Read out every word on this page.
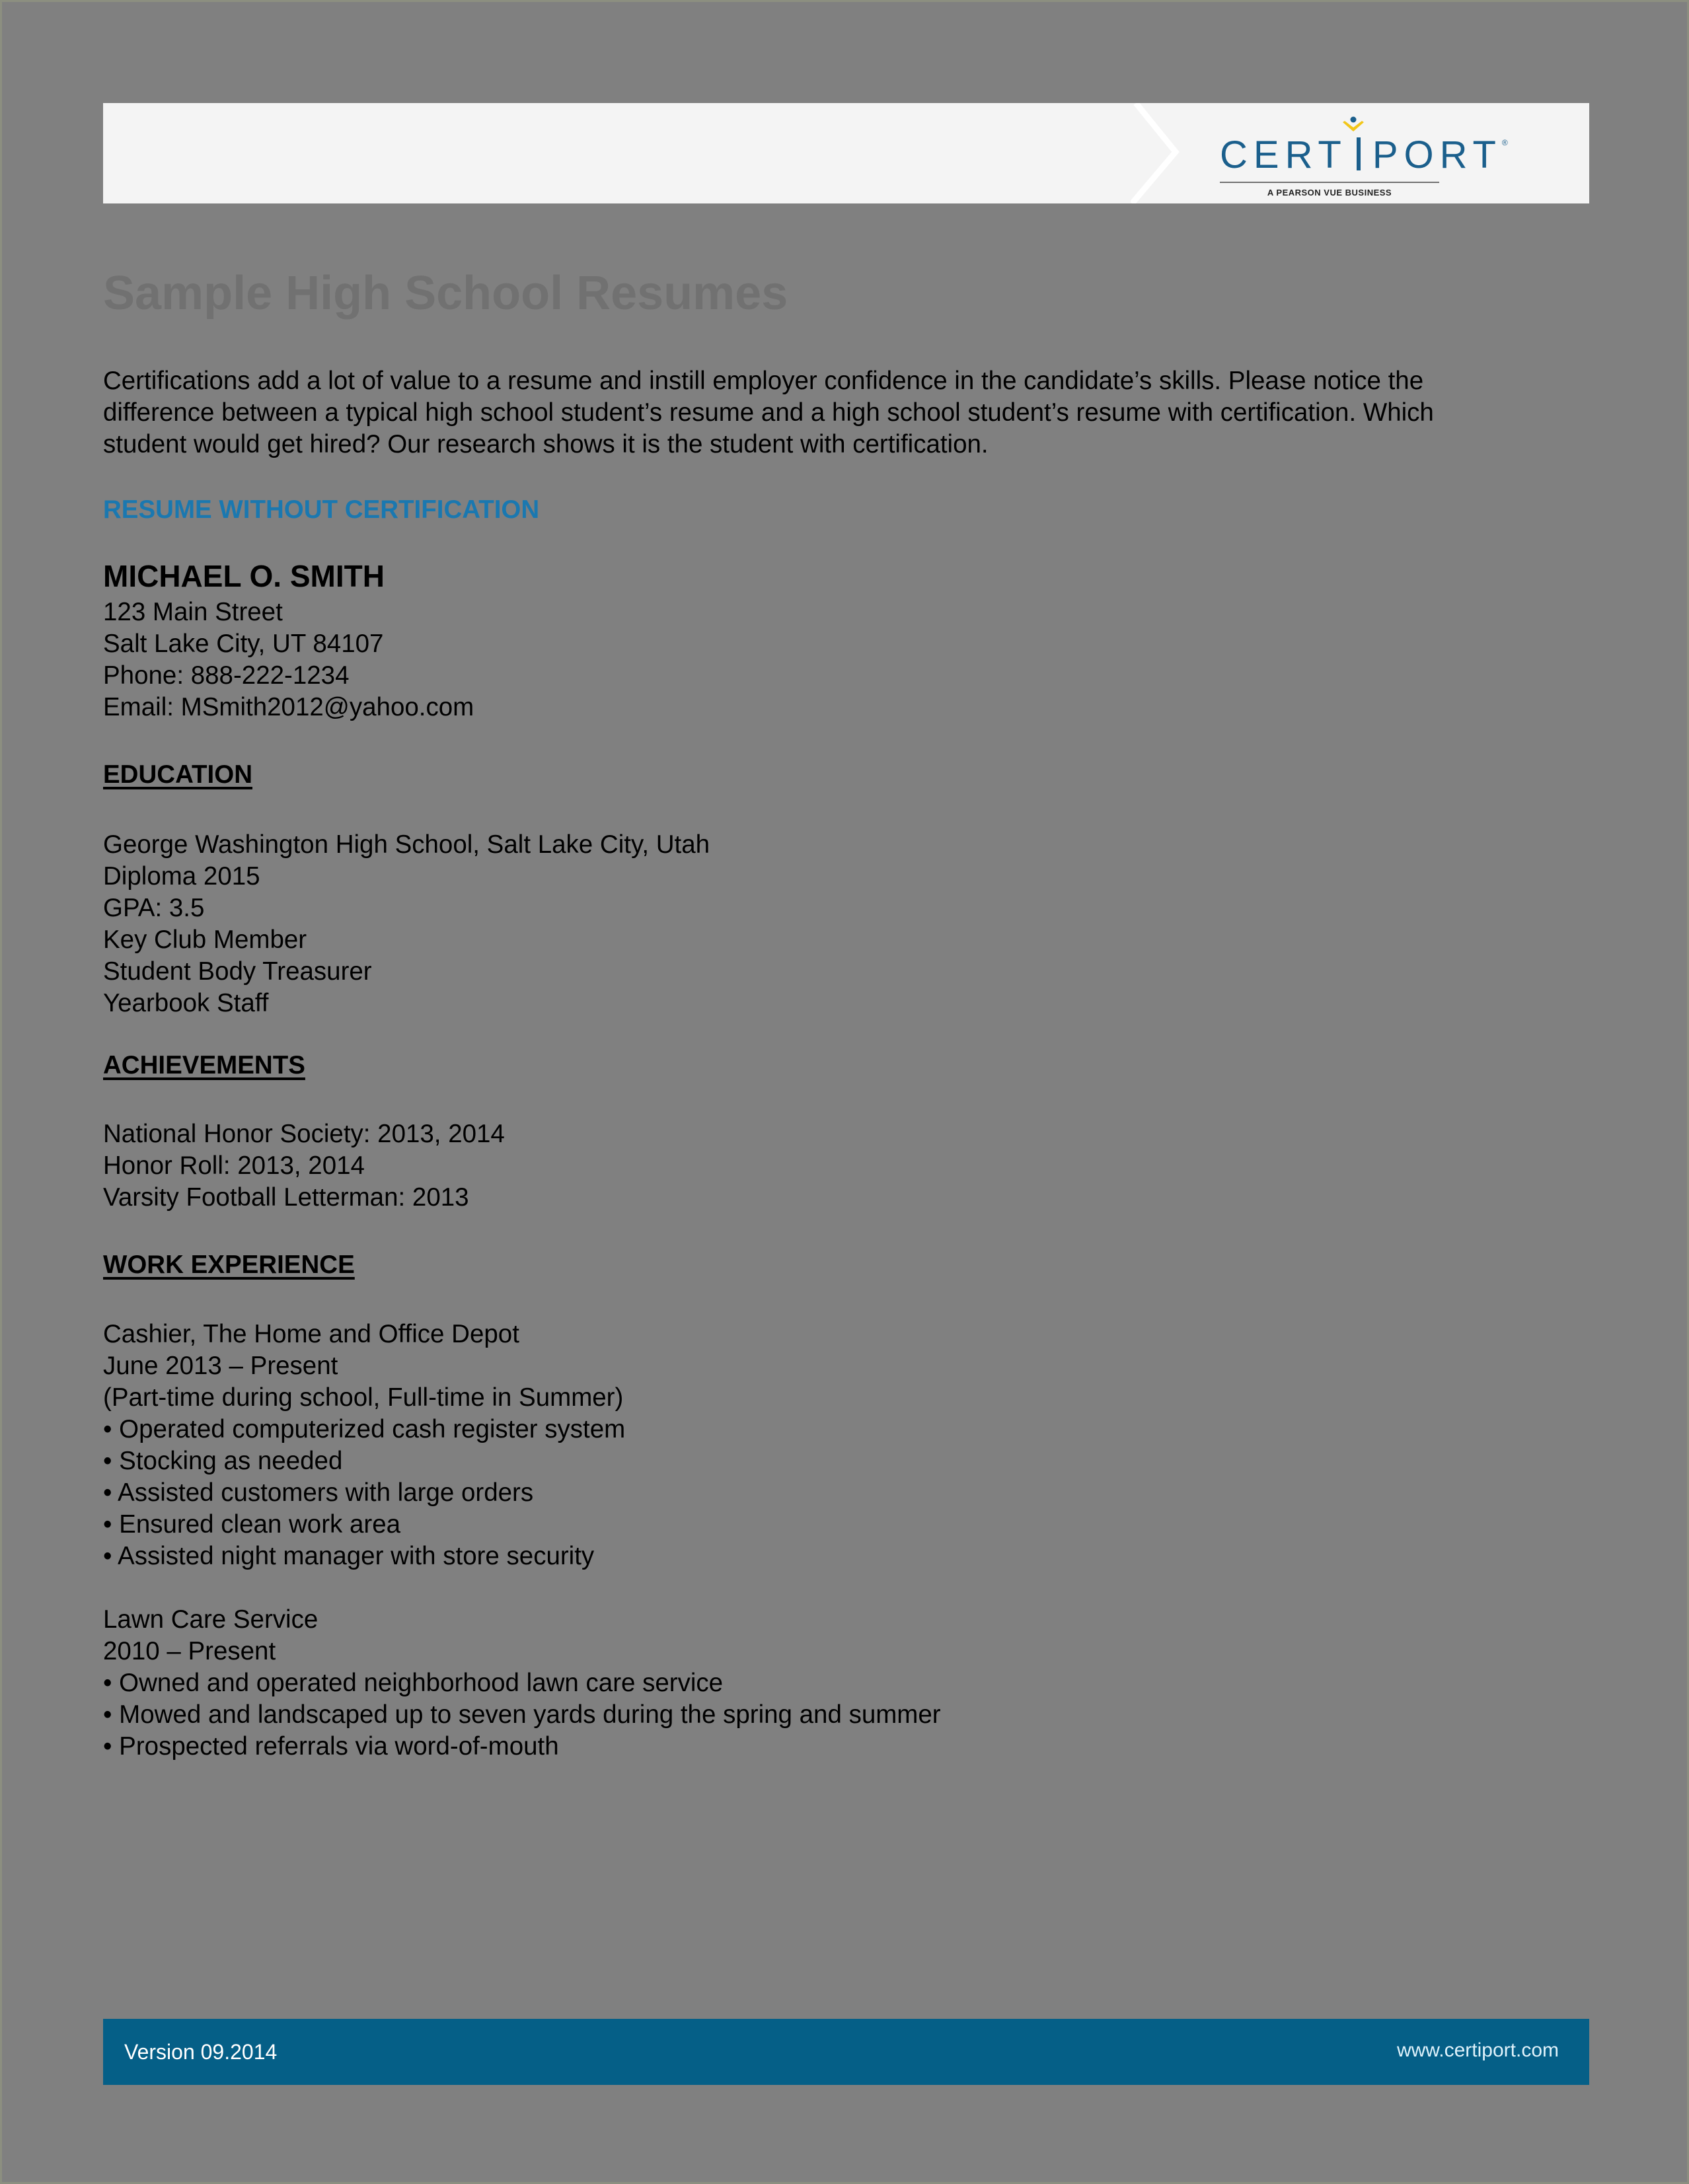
CERT PORT®
A PEARSON VUE BUSINESS
Sample High School Resumes
Certifications add a lot of value to a resume and instill employer confidence in the candidate’s skills. Please notice the
difference between a typical high school student’s resume and a high school student’s resume with certification. Which
student would get hired? Our research shows it is the student with certification.
RESUME WITHOUT CERTIFICATION
MICHAEL O. SMITH
123 Main Street
Salt Lake City, UT 84107
Phone: 888-222-1234
Email: MSmith2012@yahoo.com
EDUCATION
George Washington High School, Salt Lake City, Utah
Diploma 2015
GPA: 3.5
Key Club Member
Student Body Treasurer
Yearbook Staff
ACHIEVEMENTS
National Honor Society: 2013, 2014
Honor Roll: 2013, 2014
Varsity Football Letterman: 2013
WORK EXPERIENCE
Cashier, The Home and Office Depot
June 2013 – Present
(Part-time during school, Full-time in Summer)
• Operated computerized cash register system
• Stocking as needed
• Assisted customers with large orders
• Ensured clean work area
• Assisted night manager with store security
Lawn Care Service
2010 – Present
• Owned and operated neighborhood lawn care service
• Mowed and landscaped up to seven yards during the spring and summer
• Prospected referrals via word-of-mouth
Version 09.2014	www.certiport.com
